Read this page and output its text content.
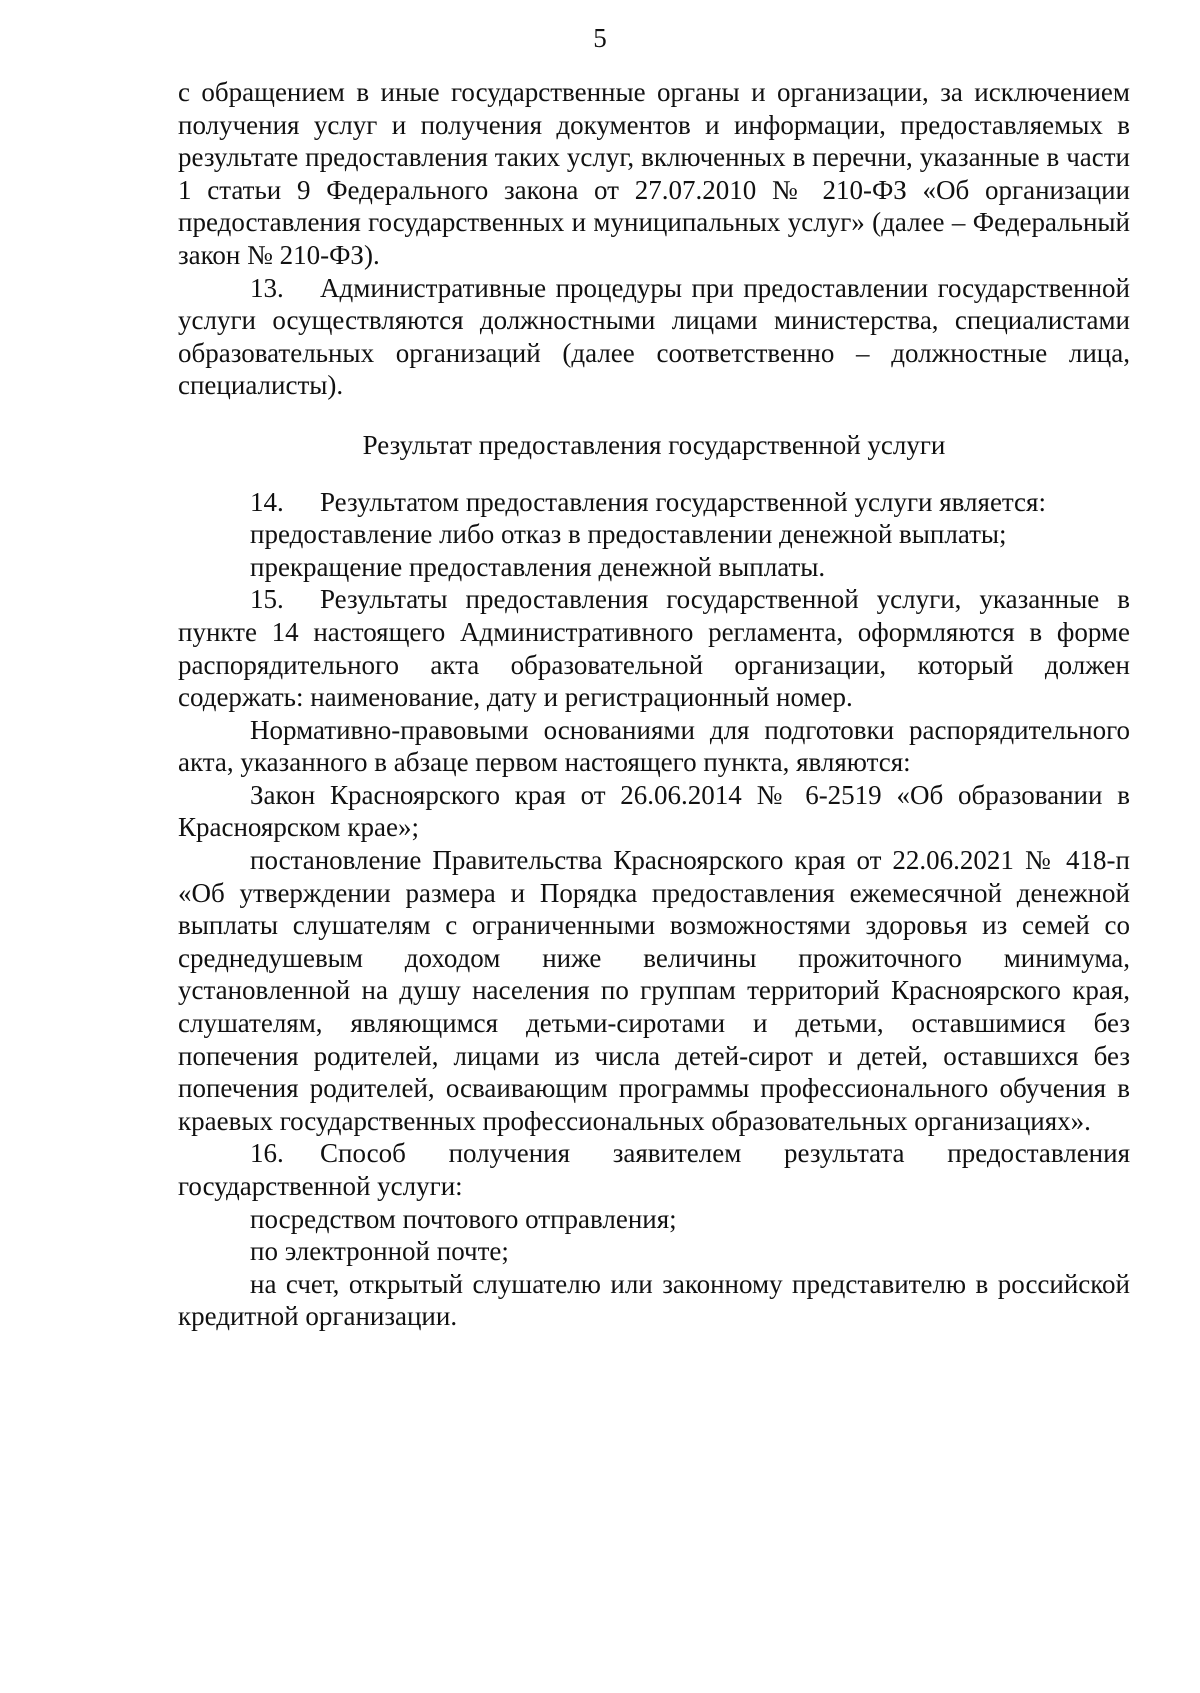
5

с обращением в иные государственные органы и организации, за исключением получения услуг и получения документов и информации, предоставляемых в результате предоставления таких услуг, включенных в перечни, указанные в части 1 статьи 9 Федерального закона от 27.07.2010 № 210-ФЗ «Об организации предоставления государственных и муниципальных услуг» (далее – Федеральный закон № 210-ФЗ).

13. Административные процедуры при предоставлении государственной услуги осуществляются должностными лицами министерства, специалистами образовательных организаций (далее соответственно – должностные лица, специалисты).

Результат предоставления государственной услуги

14. Результатом предоставления государственной услуги является:

предоставление либо отказ в предоставлении денежной выплаты;

прекращение предоставления денежной выплаты.

15. Результаты предоставления государственной услуги, указанные в пункте 14 настоящего Административного регламента, оформляются в форме распорядительного акта образовательной организации, который должен содержать: наименование, дату и регистрационный номер.

Нормативно-правовыми основаниями для подготовки распорядительного акта, указанного в абзаце первом настоящего пункта, являются:

Закон Красноярского края от 26.06.2014 № 6-2519 «Об образовании в Красноярском крае»;

постановление Правительства Красноярского края от 22.06.2021 № 418-п «Об утверждении размера и Порядка предоставления ежемесячной денежной выплаты слушателям с ограниченными возможностями здоровья из семей со среднедушевым доходом ниже величины прожиточного минимума, установленной на душу населения по группам территорий Красноярского края, слушателям, являющимся детьми-сиротами и детьми, оставшимися без попечения родителей, лицами из числа детей-сирот и детей, оставшихся без попечения родителей, осваивающим программы профессионального обучения в краевых государственных профессиональных образовательных организациях».

16. Способ получения заявителем результата предоставления государственной услуги:

посредством почтового отправления;

по электронной почте;

на счет, открытый слушателю или законному представителю в российской кредитной организации.
